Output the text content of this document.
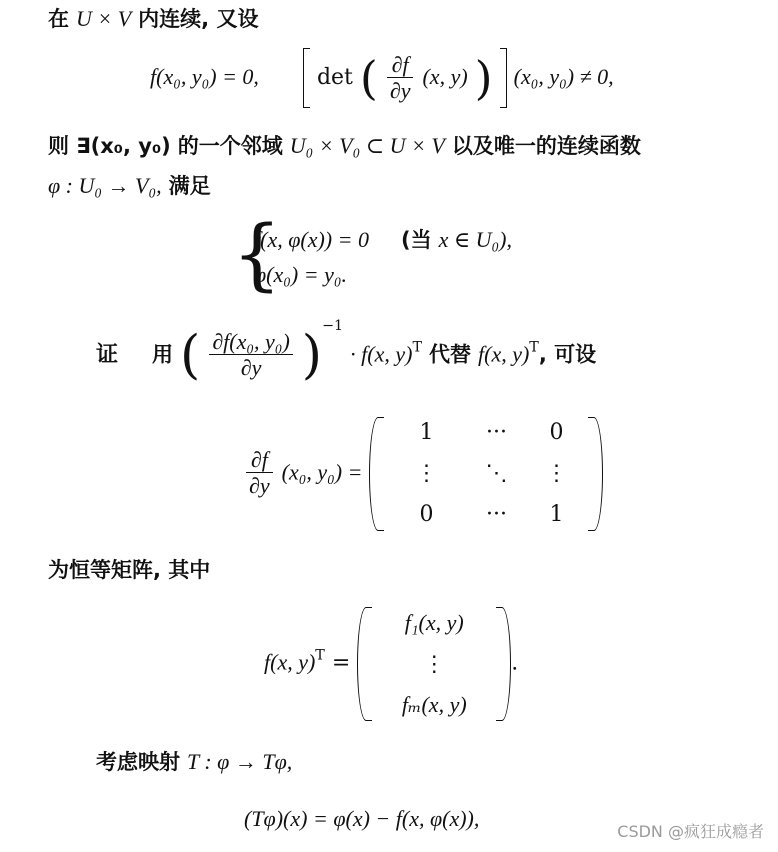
在 U × V 内连续, 又设
f(x₀, y₀) = 0,	det ( $\frac{\partial f}{\partial y} (x$, y) ) (x₀, y₀) ≠ 0,
则 ∃(x₀, y₀) 的一个邻域 U₀ × V₀ ⊂ U × V 以及唯一的连续函数
φ : U₀ → V₀, 满足
{
f(x, φ(x)) = 0 (当 x ∈ U₀),
φ(x₀) = y₀.
证 用 ( $\frac{\text{∂f(x₀, y₀)}}{\partial y} )^{-1} \cdot f(x$, y)$^T$ 代替 f(x, y)$^T$, 可设
$\frac{\partial f}{\partial y} (x_0$, y₀) =
1	···	0
⋮	⋱	⋮
0	···	1

为恒等矩阵, 其中
f(x, y)$^T$ =
f₁(x, y)
⋮
fₘ(x, y)
.
考虑映射 T : φ → Tφ,
(Tφ)(x) = φ(x) − f(x, φ(x)),
CSDN @疯狂成瘾者
